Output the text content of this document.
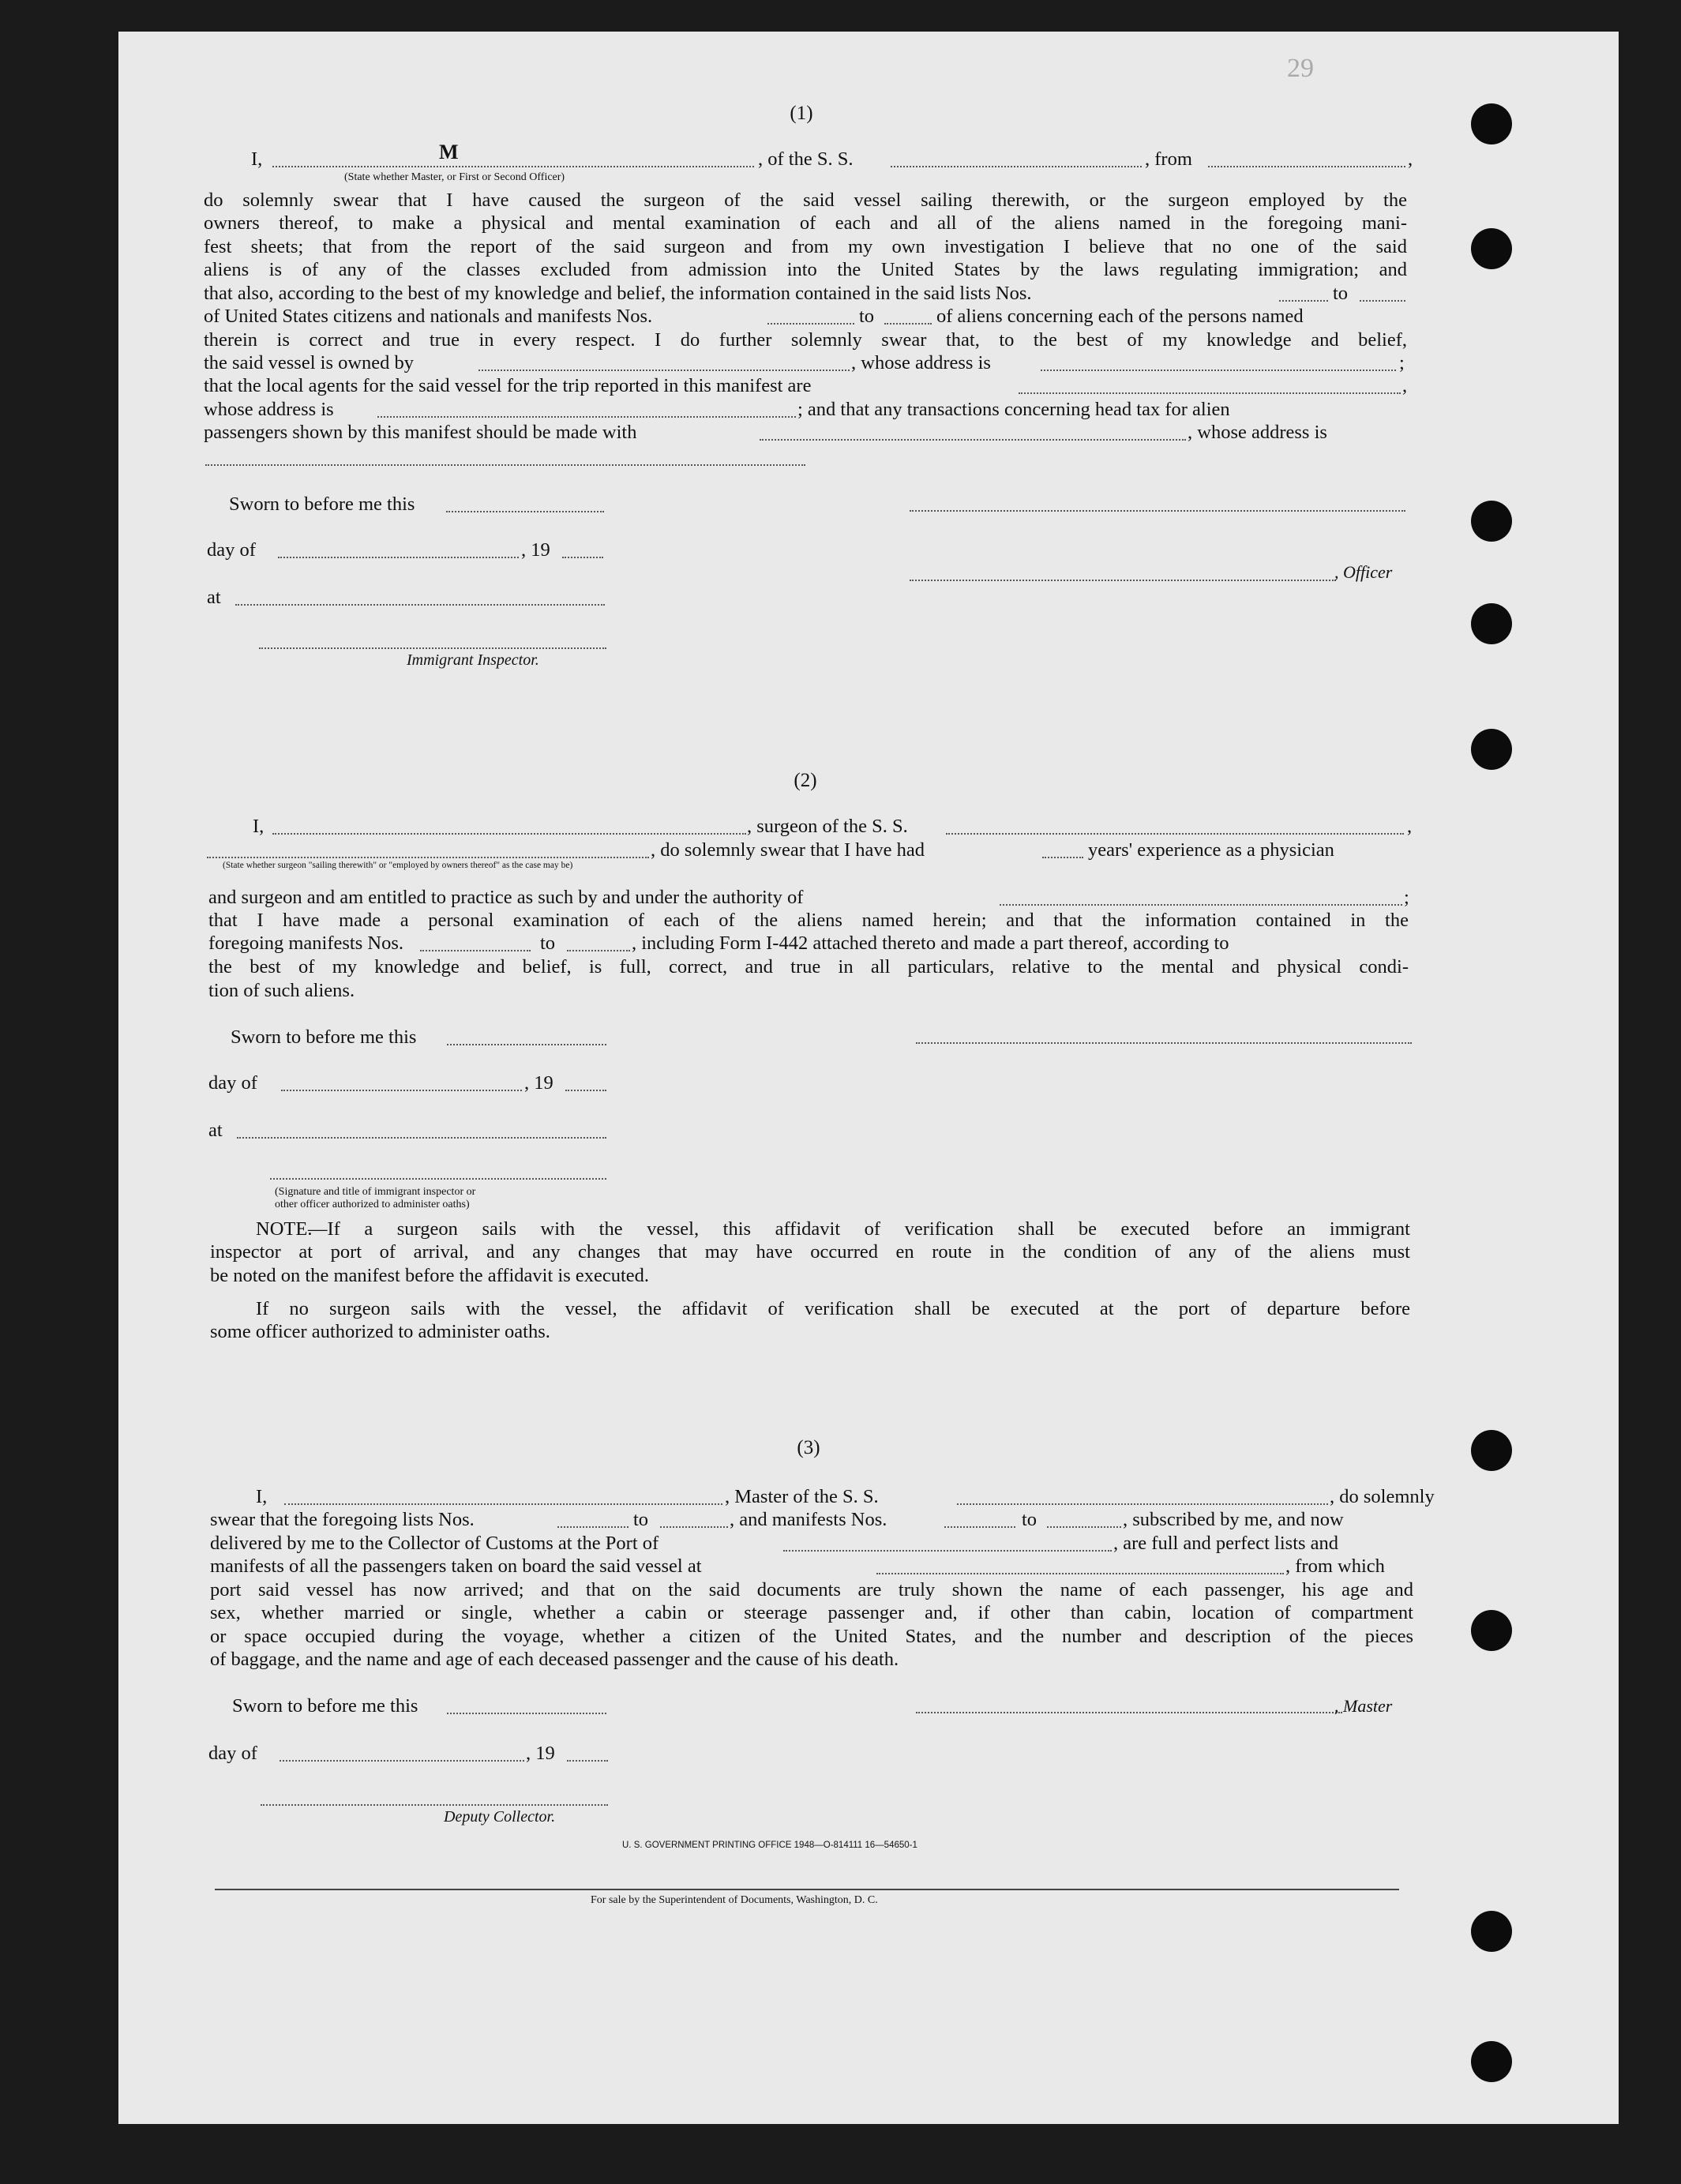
29
(1)
I,	M	, of the S. S.	, from	,
(State whether Master, or First or Second Officer)
do solemnly swear that I have caused the surgeon of the said vessel sailing therewith, or the surgeon employed by the
owners thereof, to make a physical and mental examination of each and all of the aliens named in the foregoing mani-
fest sheets; that from the report of the said surgeon and from my own investigation I believe that no one of the said
aliens is of any of the classes excluded from admission into the United States by the laws regulating immigration; and
that also, according to the best of my knowledge and belief, the information contained in the said lists Nos.	to
of United States citizens and nationals and manifests Nos.	to	of aliens concerning each of the persons named
therein is correct and true in every respect. I do further solemnly swear that, to the best of my knowledge and belief,
the said vessel is owned by	, whose address is	;
that the local agents for the said vessel for the trip reported in this manifest are	,
whose address is	; and that any transactions concerning head tax for alien
passengers shown by this manifest should be made with	, whose address is
Sworn to before me this
day of	, 19
at
Immigrant Inspector.
, Officer
(2)
I,	, surgeon of the S. S.	,
, do solemnly swear that I have had	years' experience as a physician
(State whether surgeon "sailing therewith" or "employed by owners thereof" as the case may be)
and surgeon and am entitled to practice as such by and under the authority of	;
that I have made a personal examination of each of the aliens named herein; and that the information contained in the
foregoing manifests Nos.	to	, including Form I-442 attached thereto and made a part thereof, according to
the best of my knowledge and belief, is full, correct, and true in all particulars, relative to the mental and physical condi-
tion of such aliens.
Sworn to before me this
day of	, 19
at
(Signature and title of immigrant inspector or
other officer authorized to administer oaths)
NOTE.
—If a surgeon sails with the vessel, this affidavit of verification shall be executed before an immigrant
inspector at port of arrival, and any changes that may have occurred en route in the condition of any of the aliens must
be noted on the manifest before the affidavit is executed.
If no surgeon sails with the vessel, the affidavit of verification shall be executed at the port of departure before
some officer authorized to administer oaths.
(3)
I,	, Master of the S. S.	, do solemnly
swear that the foregoing lists Nos.	to	, and manifests Nos.	to	, subscribed by me, and now
delivered by me to the Collector of Customs at the Port of	, are full and perfect lists and
manifests of all the passengers taken on board the said vessel at	, from which
port said vessel has now arrived; and that on the said documents are truly shown the name of each passenger, his age and
sex, whether married or single, whether a cabin or steerage passenger and, if other than cabin, location of compartment
or space occupied during the voyage, whether a citizen of the United States, and the number and description of the pieces
of baggage, and the name and age of each deceased passenger and the cause of his death.
Sworn to before me this
day of	, 19
Deputy Collector.
, Master
U. S. GOVERNMENT PRINTING OFFICE 1948—O-814111 16—54650-1
For sale by the Superintendent of Documents, Washington, D. C.
